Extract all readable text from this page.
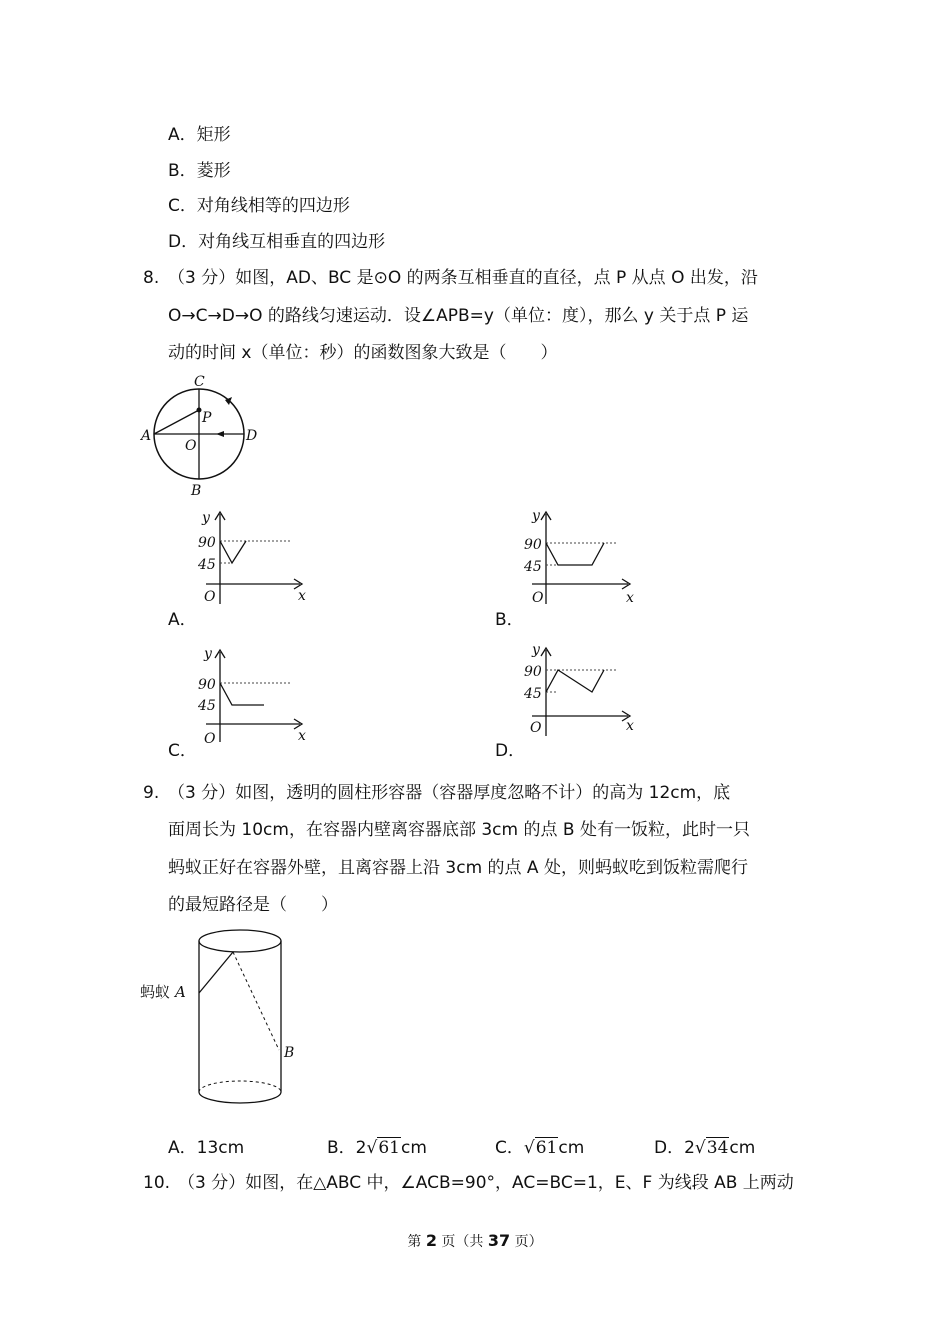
A．矩形
B．菱形
C．对角线相等的四边形
D．对角线互相垂直的四边形
8. （3 分）如图，AD、BC 是⊙O 的两条互相垂直的直径，点 P 从点 O 出发，沿
O→C→D→O 的路线匀速运动．设∠APB=y（单位：度），那么 y 关于点 P 运
动的时间 x（单位：秒）的函数图象大致是（　　）
C
P
A
O
D
B
y
90
45
O	x
A．
y
90
45
O	x
B．
y
90
45
O	x
C．
y
90
45
O	x
D．
9. （3 分）如图，透明的圆柱形容器（容器厚度忽略不计）的高为 12cm，底
面周长为 10cm，在容器内壁离容器底部 3cm 的点 B 处有一饭粒，此时一只
蚂蚁正好在容器外壁，且离容器上沿 3cm 的点 A 处，则蚂蚁吃到饭粒需爬行
的最短路径是（　　）
蚂蚁 A
B
A．13cm	B．2√61cm	C．√61cm	D．2√34cm
10. （3 分）如图，在△ABC 中，∠ACB=90°，AC=BC=1，E、F 为线段 AB 上两动
第 2 页（共 37 页）
